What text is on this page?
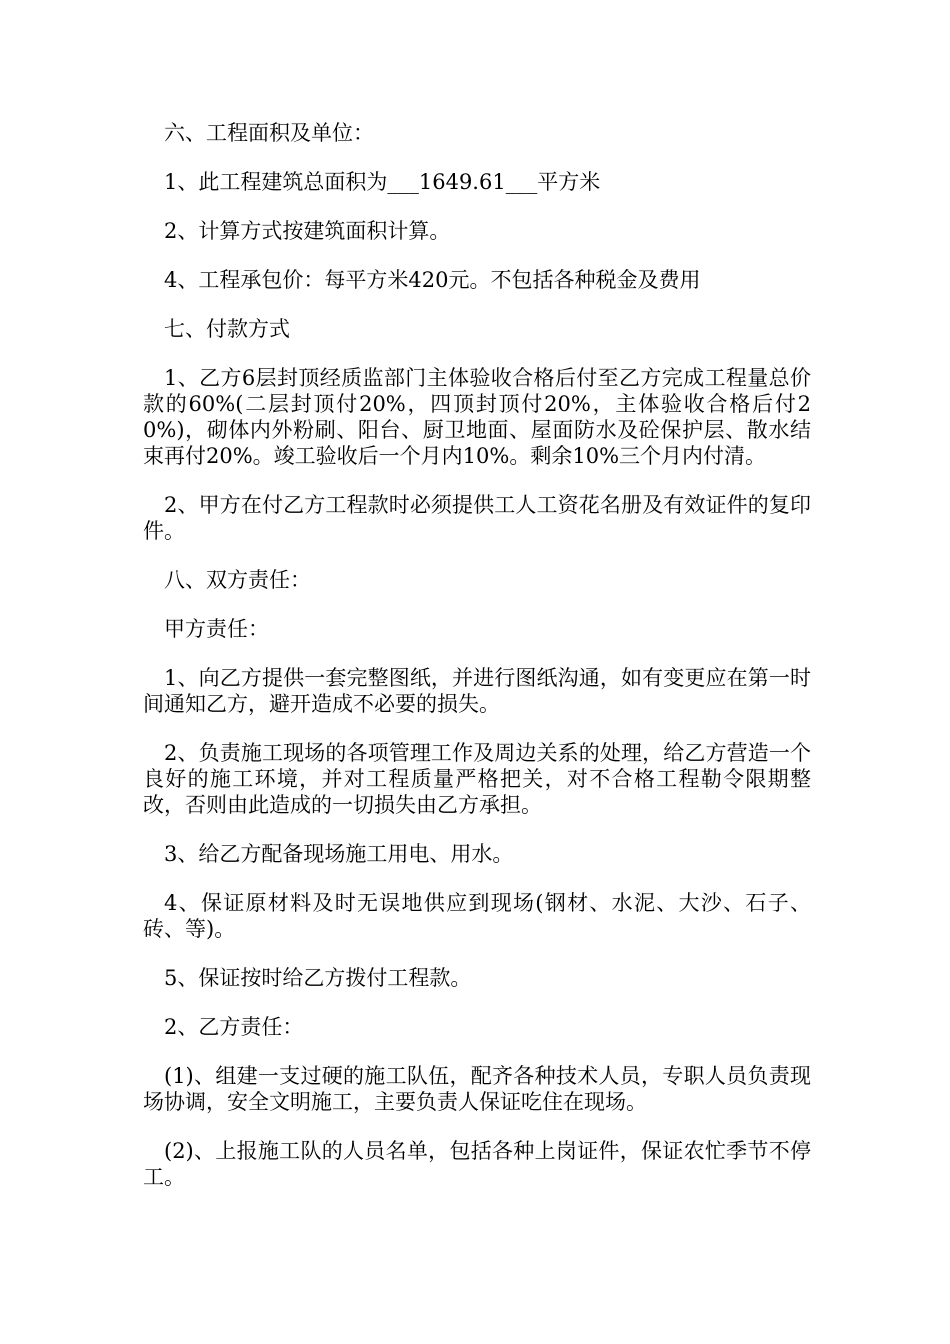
六、工程面积及单位：

1、此工程建筑总面积为___1649.61___平方米

2、计算方式按建筑面积计算。

4、工程承包价：每平方米420元。不包括各种税金及费用

七、付款方式

1、乙方6层封顶经质监部门主体验收合格后付至乙方完成工程量总价款的60%(二层封顶付20%，四顶封顶付20%，主体验收合格后付20%)，砌体内外粉刷、阳台、厨卫地面、屋面防水及砼保护层、散水结束再付20%。竣工验收后一个月内10%。剩余10%三个月内付清。

2、甲方在付乙方工程款时必须提供工人工资花名册及有效证件的复印件。

八、双方责任：

甲方责任：

1、向乙方提供一套完整图纸，并进行图纸沟通，如有变更应在第一时间通知乙方，避开造成不必要的损失。

2、负责施工现场的各项管理工作及周边关系的处理，给乙方营造一个良好的施工环境，并对工程质量严格把关，对不合格工程勒令限期整改，否则由此造成的一切损失由乙方承担。

3、给乙方配备现场施工用电、用水。

4、保证原材料及时无误地供应到现场(钢材、水泥、大沙、石子、砖、等)。

5、保证按时给乙方拨付工程款。

2、乙方责任：

(1)、组建一支过硬的施工队伍，配齐各种技术人员，专职人员负责现场协调，安全文明施工，主要负责人保证吃住在现场。

(2)、上报施工队的人员名单，包括各种上岗证件，保证农忙季节不停工。
